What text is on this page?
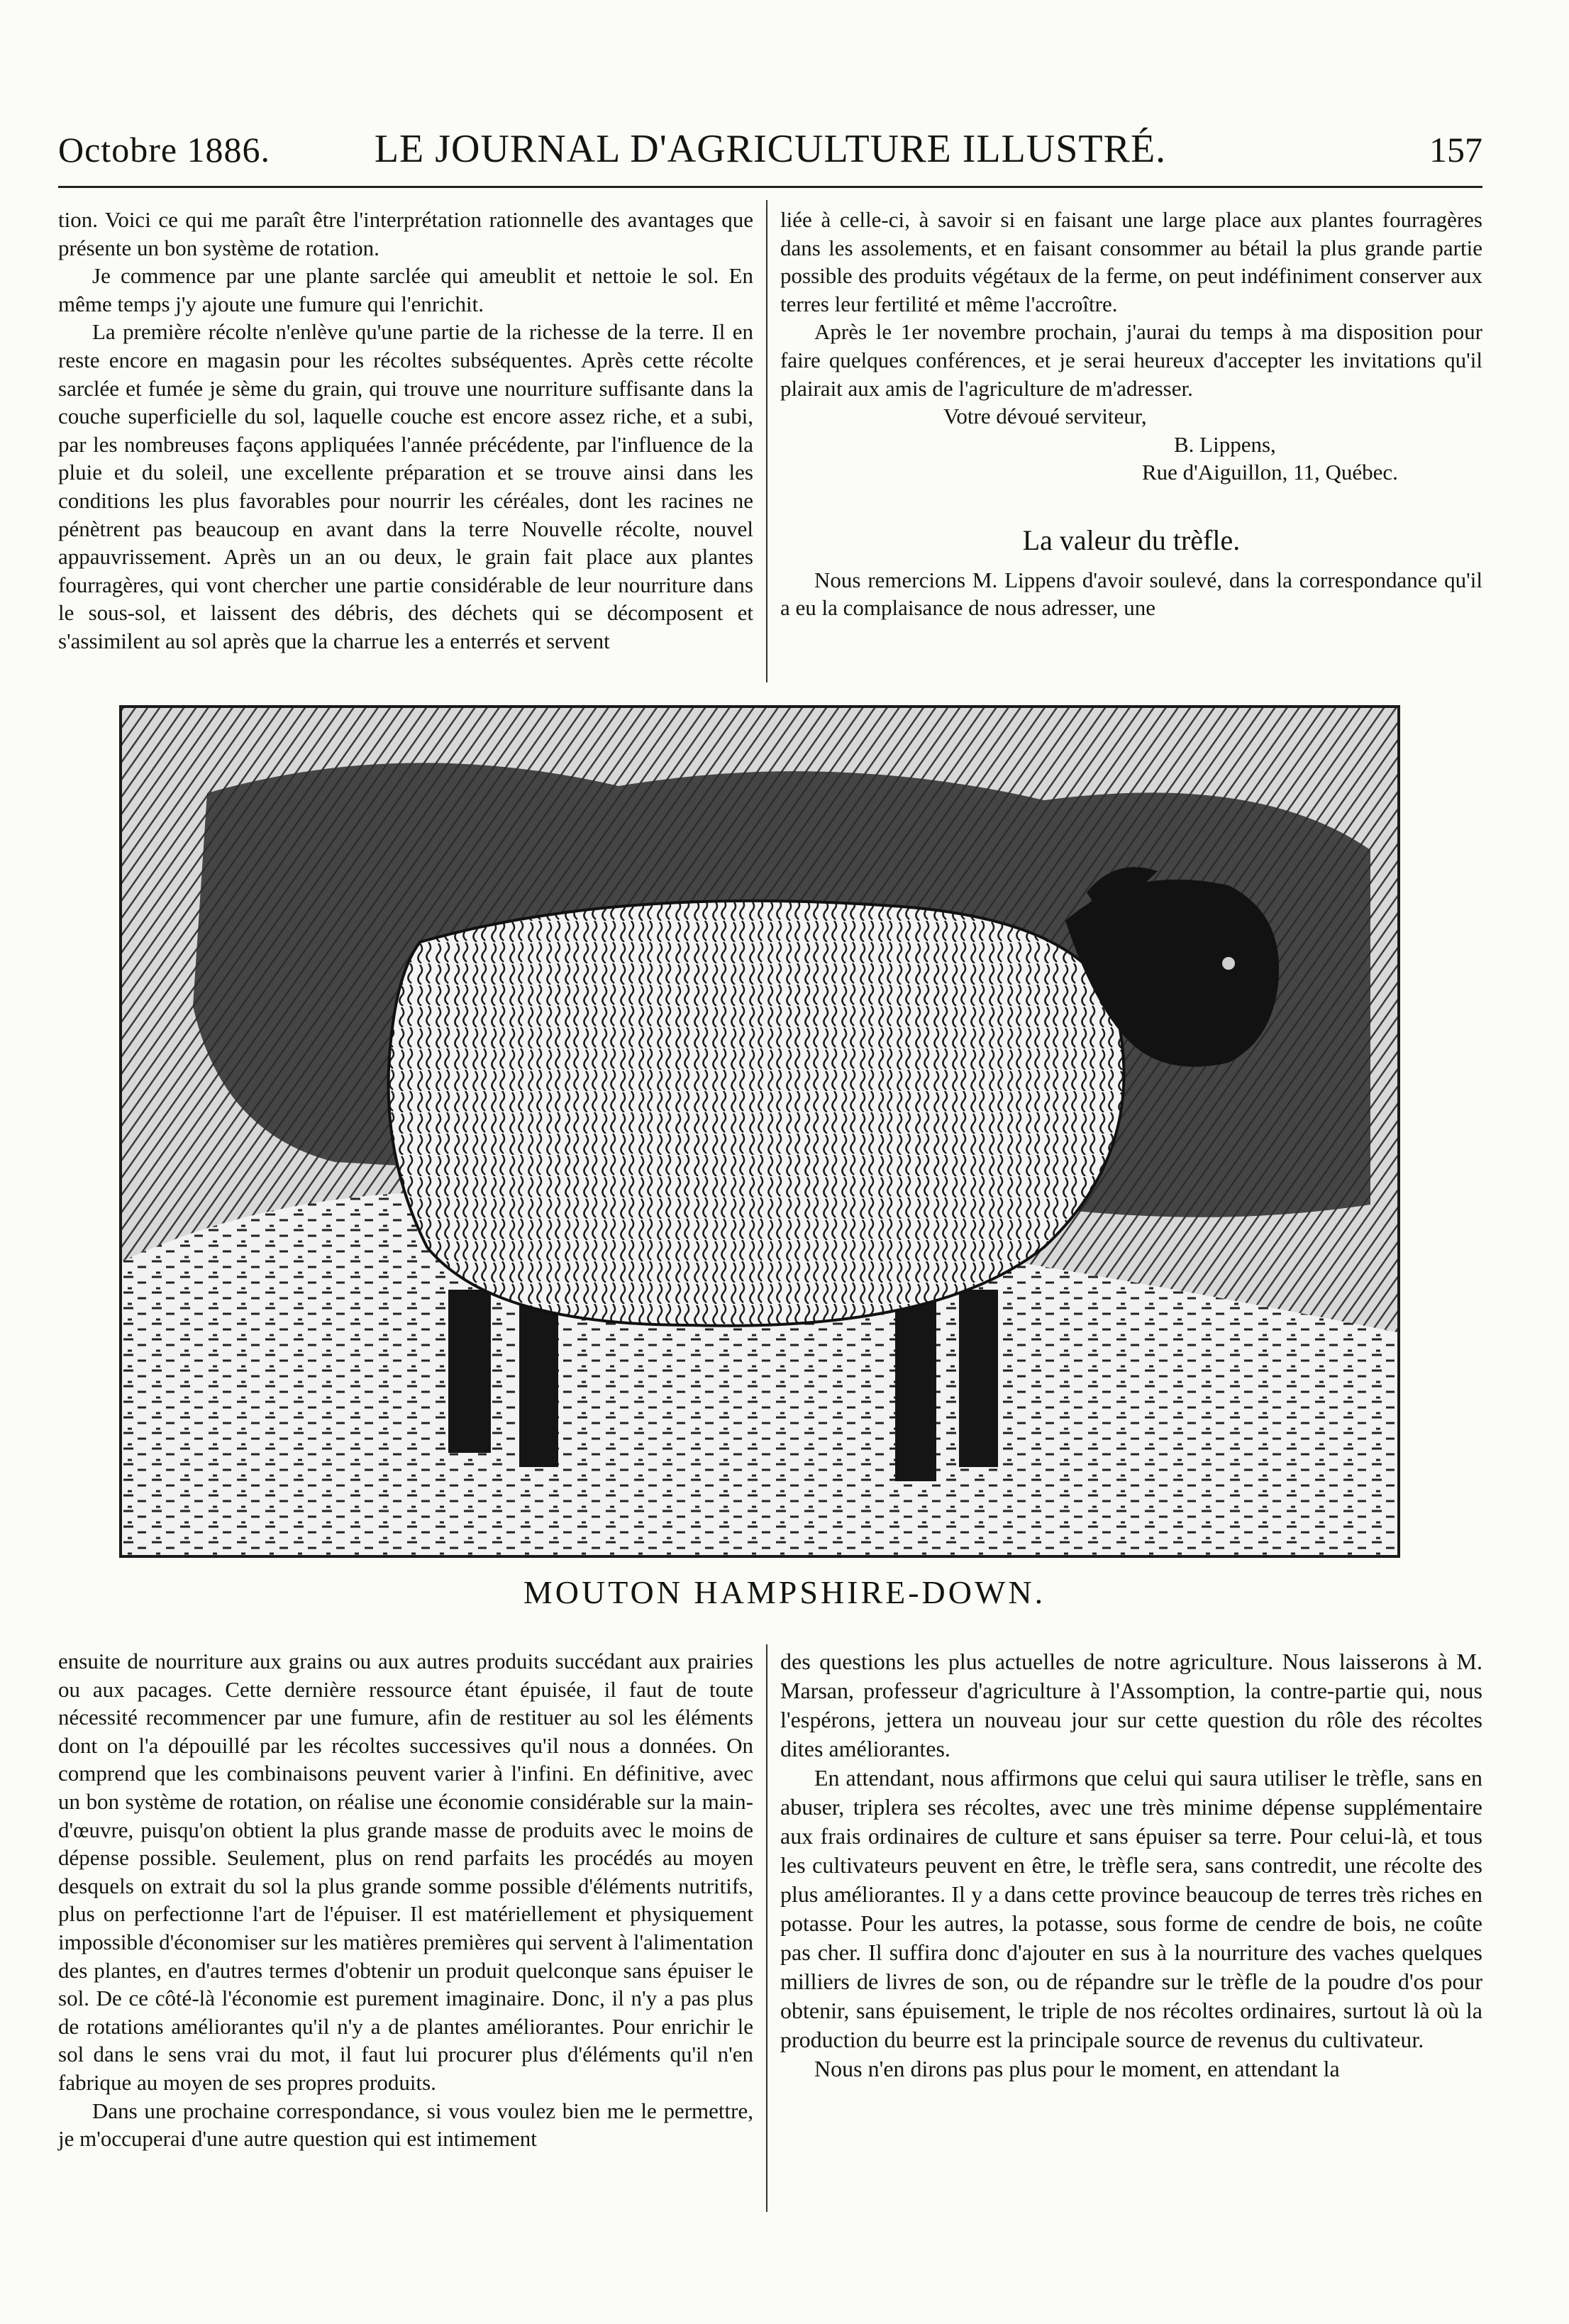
Octobre 1886.	LE JOURNAL D'AGRICULTURE ILLUSTRÉ.	157

tion. Voici ce qui me paraît être l'interprétation rationnelle des avantages que présente un bon système de rotation.

Je commence par une plante sarclée qui ameublit et nettoie le sol. En même temps j'y ajoute une fumure qui l'enrichit.

La première récolte n'enlève qu'une partie de la richesse de la terre. Il en reste encore en magasin pour les récoltes subséquentes. Après cette récolte sarclée et fumée je sème du grain, qui trouve une nourriture suffisante dans la couche superficielle du sol, laquelle couche est encore assez riche, et a subi, par les nombreuses façons appliquées l'année précédente, par l'influence de la pluie et du soleil, une excellente préparation et se trouve ainsi dans les conditions les plus favorables pour nourrir les céréales, dont les racines ne pénètrent pas beaucoup en avant dans la terre Nouvelle récolte, nouvel appauvrissement. Après un an ou deux, le grain fait place aux plantes fourragères, qui vont chercher une partie considérable de leur nourriture dans le sous-sol, et laissent des débris, des déchets qui se décomposent et s'assimilent au sol après que la charrue les a enterrés et servent

liée à celle-ci, à savoir si en faisant une large place aux plantes fourragères dans les assolements, et en faisant consommer au bétail la plus grande partie possible des produits végétaux de la ferme, on peut indéfiniment conserver aux terres leur fertilité et même l'accroître.

Après le 1er novembre prochain, j'aurai du temps à ma disposition pour faire quelques conférences, et je serai heureux d'accepter les invitations qu'il plairait aux amis de l'agriculture de m'adresser.

Votre dévoué serviteur,
B. Lippens,
Rue d'Aiguillon, 11, Québec.
La valeur du trèfle.

Nous remercions M. Lippens d'avoir soulevé, dans la correspondance qu'il a eu la complaisance de nous adresser, une

MOUTON HAMPSHIRE-DOWN.

ensuite de nourriture aux grains ou aux autres produits succédant aux prairies ou aux pacages. Cette dernière ressource étant épuisée, il faut de toute nécessité recommencer par une fumure, afin de restituer au sol les éléments dont on l'a dépouillé par les récoltes successives qu'il nous a données. On comprend que les combinaisons peuvent varier à l'infini. En définitive, avec un bon système de rotation, on réalise une économie considérable sur la main-d'œuvre, puisqu'on obtient la plus grande masse de produits avec le moins de dépense possible. Seulement, plus on rend parfaits les procédés au moyen desquels on extrait du sol la plus grande somme possible d'éléments nutritifs, plus on perfectionne l'art de l'épuiser. Il est matériellement et physiquement impossible d'économiser sur les matières premières qui servent à l'alimentation des plantes, en d'autres termes d'obtenir un produit quelconque sans épuiser le sol. De ce côté-là l'économie est purement imaginaire. Donc, il n'y a pas plus de rotations améliorantes qu'il n'y a de plantes améliorantes. Pour enrichir le sol dans le sens vrai du mot, il faut lui procurer plus d'éléments qu'il n'en fabrique au moyen de ses propres produits.

Dans une prochaine correspondance, si vous voulez bien me le permettre, je m'occuperai d'une autre question qui est intimement

des questions les plus actuelles de notre agriculture. Nous laisserons à M. Marsan, professeur d'agriculture à l'Assomption, la contre-partie qui, nous l'espérons, jettera un nouveau jour sur cette question du rôle des récoltes dites améliorantes.

En attendant, nous affirmons que celui qui saura utiliser le trèfle, sans en abuser, triplera ses récoltes, avec une très minime dépense supplémentaire aux frais ordinaires de culture et sans épuiser sa terre. Pour celui-là, et tous les cultivateurs peuvent en être, le trèfle sera, sans contredit, une récolte des plus améliorantes. Il y a dans cette province beaucoup de terres très riches en potasse. Pour les autres, la potasse, sous forme de cendre de bois, ne coûte pas cher. Il suffira donc d'ajouter en sus à la nourriture des vaches quelques milliers de livres de son, ou de répandre sur le trèfle de la poudre d'os pour obtenir, sans épuisement, le triple de nos récoltes ordinaires, surtout là où la production du beurre est la principale source de revenus du cultivateur.

Nous n'en dirons pas plus pour le moment, en attendant la
